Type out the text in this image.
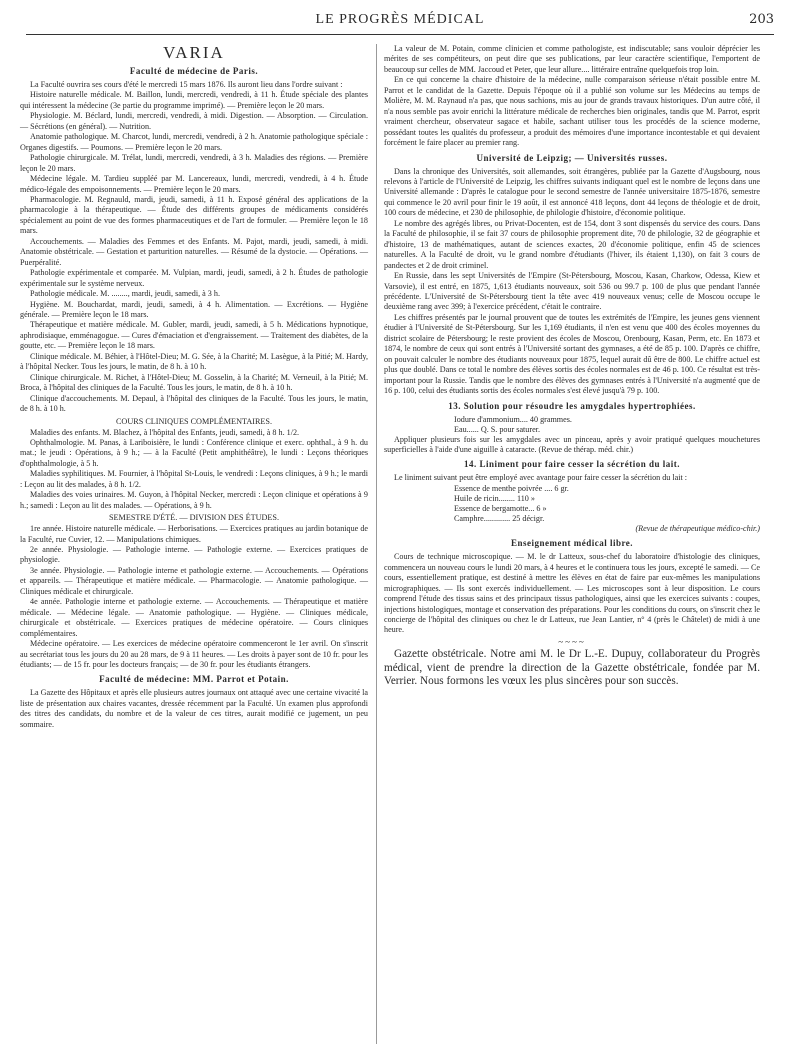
LE PROGRÈS MÉDICAL	203
VARIA
Faculté de médecine de Paris.

La Faculté ouvrira ses cours d'été le mercredi 15 mars 1876. Ils auront lieu dans l'ordre suivant :

Histoire naturelle médicale. M. Baillon, lundi, mercredi, vendredi, à 11 h. Étude spéciale des plantes qui intéressent la médecine (3e partie du programme imprimé). — Première leçon le 20 mars.

Physiologie. M. Béclard, lundi, mercredi, vendredi, à midi. Digestion. — Absorption. — Circulation. — Sécrétions (en général). — Nutrition.

Anatomie pathologique. M. Charcot, lundi, mercredi, vendredi, à 2 h. Anatomie pathologique spéciale : Organes digestifs. — Poumons. — Première leçon le 20 mars.

Pathologie chirurgicale. M. Trélat, lundi, mercredi, vendredi, à 3 h. Maladies des régions. — Première leçon le 20 mars.

Médecine légale. M. Tardieu suppléé par M. Lancereaux, lundi, mercredi, vendredi, à 4 h. Étude médico-légale des empoisonnements. — Première leçon le 20 mars.

Pharmacologie. M. Regnauld, mardi, jeudi, samedi, à 11 h. Exposé général des applications de la pharmacologie à la thérapeutique. — Étude des différents groupes de médicaments considérés spécialement au point de vue des formes pharmaceutiques et de l'art de formuler. — Première leçon le 18 mars.

Accouchements. — Maladies des Femmes et des Enfants. M. Pajot, mardi, jeudi, samedi, à midi. Anatomie obstétricale. — Gestation et parturition naturelles. — Résumé de la dystocie. — Opérations. — Puerpéralité.

Pathologie expérimentale et comparée. M. Vulpian, mardi, jeudi, samedi, à 2 h. Études de pathologie expérimentale sur le système nerveux.

Pathologie médicale. M. ........, mardi, jeudi, samedi, à 3 h.

Hygiène. M. Bouchardat, mardi, jeudi, samedi, à 4 h. Alimentation. — Excrétions. — Hygiène générale. — Première leçon le 18 mars.

Thérapeutique et matière médicale. M. Gubler, mardi, jeudi, samedi, à 5 h. Médications hypnotique, aphrodisiaque, emménagogue. — Cures d'émaciation et d'engraissement. — Traitement des diabètes, de la goutte, etc. — Première leçon le 18 mars.

Clinique médicale. M. Béhier, à l'Hôtel-Dieu; M. G. Sée, à la Charité; M. Lasègue, à la Pitié; M. Hardy, à l'hôpital Necker. Tous les jours, le matin, de 8 h. à 10 h.

Clinique chirurgicale. M. Richet, à l'Hôtel-Dieu; M. Gosselin, à la Charité; M. Verneuil, à la Pitié; M. Broca, à l'hôpital des cliniques de la Faculté. Tous les jours, le matin, de 8 h. à 10 h.

Clinique d'accouchements. M. Depaul, à l'hôpital des cliniques de la Faculté. Tous les jours, le matin, de 8 h. à 10 h.

COURS CLINIQUES COMPLÉMENTAIRES.

Maladies des enfants. M. Blachez, à l'hôpital des Enfants, jeudi, samedi, à 8 h. 1/2.

Ophthalmologie. M. Panas, à Lariboisière, le lundi : Conférence clinique et exerc. ophthal., à 9 h. du mat.; le jeudi : Opérations, à 9 h.; — à la Faculté (Petit amphithéâtre), le lundi : Leçons théoriques d'ophthalmologie, à 5 h.

Maladies syphilitiques. M. Fournier, à l'hôpital St-Louis, le vendredi : Leçons cliniques, à 9 h.; le mardi : Leçon au lit des malades, à 8 h. 1/2.

Maladies des voies urinaires. M. Guyon, à l'hôpital Necker, mercredi : Leçon clinique et opérations à 9 h.; samedi : Leçon au lit des malades. — Opérations, à 9 h.

SEMESTRE D'ÉTÉ. — DIVISION DES ÉTUDES.

1re année. Histoire naturelle médicale. — Herborisations. — Exercices pratiques au jardin botanique de la Faculté, rue Cuvier, 12. — Manipulations chimiques.

2e année. Physiologie. — Pathologie interne. — Pathologie externe. — Exercices pratiques de physiologie.

3e année. Physiologie. — Pathologie interne et pathologie externe. — Accouchements. — Opérations et appareils. — Thérapeutique et matière médicale. — Pharmacologie. — Anatomie pathologique. — Cliniques médicale et chirurgicale.

4e année. Pathologie interne et pathologie externe. — Accouchements. — Thérapeutique et matière médicale. — Médecine légale. — Anatomie pathologique. — Hygiène. — Cliniques médicale, chirurgicale et obstétricale. — Exercices pratiques de médecine opératoire. — Cours cliniques complémentaires.

Médecine opératoire. — Les exercices de médecine opératoire commenceront le 1er avril. On s'inscrit au secrétariat tous les jours du 20 au 28 mars, de 9 à 11 heures. — Les droits à payer sont de 10 fr. pour les étudiants; — de 15 fr. pour les docteurs français; — de 30 fr. pour les étudiants étrangers.

Faculté de médecine: MM. Parrot et Potain.

La Gazette des Hôpitaux et après elle plusieurs autres journaux ont attaqué avec une certaine vivacité la liste de présentation aux chaires vacantes, dressée récemment par la Faculté. Un examen plus approfondi des titres des candidats, du nombre et de la valeur de ces titres, aurait modifié ce jugement, un peu sommaire.

La valeur de M. Potain, comme clinicien et comme pathologiste, est indiscutable; sans vouloir déprécier les mérites de ses compétiteurs, on peut dire que ses publications, par leur caractère scientifique, l'emportent de beaucoup sur celles de MM. Jaccoud et Peter, que leur allure.... littéraire entraîne quelquefois trop loin.

En ce qui concerne la chaire d'histoire de la médecine, nulle comparaison sérieuse n'était possible entre M. Parrot et le candidat de la Gazette. Depuis l'époque où il a publié son volume sur les Médecins au temps de Molière, M. M. Raynaud n'a pas, que nous sachions, mis au jour de grands travaux historiques. D'un autre côté, il n'a nous semble pas avoir enrichi la littérature médicale de recherches bien originales, tandis que M. Parrot, esprit vraiment chercheur, observateur sagace et habile, sachant utiliser tous les procédés de la science moderne, possédant toutes les qualités du professeur, a produit des mémoires d'une importance incontestable et qui devaient forcément le faire placer au premier rang.

Université de Leipzig; — Universités russes.

Dans la chronique des Universités, soit allemandes, soit étrangères, publiée par la Gazette d'Augsbourg, nous relevons à l'article de l'Université de Leipzig, les chiffres suivants indiquant quel est le nombre de leçons dans une Université allemande : D'après le catalogue pour le second semestre de l'année universitaire 1875-1876, semestre qui commence le 20 avril pour finir le 19 août, il est annoncé 418 leçons, dont 44 leçons de théologie et de droit, 100 cours de médecine, et 230 de philosophie, de philologie d'histoire, d'économie politique.

Le nombre des agrégés libres, ou Privat-Docenten, est de 154, dont 3 sont dispensés du service des cours. Dans la Faculté de philosophie, il se fait 37 cours de philosophie proprement dite, 70 de philologie, 32 de géographie et d'histoire, 13 de mathématiques, autant de sciences exactes, 20 d'économie politique, enfin 45 de sciences naturelles. A la Faculté de droit, vu le grand nombre d'étudiants (l'hiver, ils étaient 1,130), on fait 3 cours de pandectes et 2 de droit criminel.

En Russie, dans les sept Universités de l'Empire (St-Pétersbourg, Moscou, Kasan, Charkow, Odessa, Kiew et Varsovie), il est entré, en 1875, 1,613 étudiants nouveaux, soit 536 ou 99.7 p. 100 de plus que pendant l'année précédente. L'Université de St-Pétersbourg tient la tête avec 419 nouveaux venus; celle de Moscou occupe le deuxième rang avec 399; à l'exercice précédent, c'était le contraire.

Les chiffres présentés par le journal prouvent que de toutes les extrémités de l'Empire, les jeunes gens viennent étudier à l'Université de St-Pétersbourg. Sur les 1,169 étudiants, il n'en est venu que 400 des écoles moyennes du district scolaire de Pétersbourg; le reste provient des écoles de Moscou, Orenbourg, Kasan, Perm, etc. En 1873 et 1874, le nombre de ceux qui sont entrés à l'Université sortant des gymnases, a été de 85 p. 100. D'après ce chiffre, on pouvait calculer le nombre des étudiants nouveaux pour 1875, lequel aurait dû être de 800. Le chiffre actuel est plus que doublé. Dans ce total le nombre des élèves sortis des écoles normales est de 46 p. 100. Ce résultat est très-important pour la Russie. Tandis que le nombre des élèves des gymnases entrés à l'Université n'a augmenté que de 16 p. 100, celui des étudiants sortis des écoles normales s'est élevé jusqu'à 79 p. 100.

13. Solution pour résoudre les amygdales hypertrophiées.
Iodure d'ammonium.... 40 grammes.
Eau...... Q. S. pour saturer.

Appliquer plusieurs fois sur les amygdales avec un pinceau, après y avoir pratiqué quelques mouchetures superficielles à l'aide d'une aiguille à cataracte. (Revue de thérap. méd. chir.)

14. Liniment pour faire cesser la sécrétion du lait.

Le liniment suivant peut être employé avec avantage pour faire cesser la sécrétion du lait :

Essence de menthe poivrée .... 6 gr.
Huile de ricin........ 110 »
Essence de bergamotte... 6 »
Camphre............. 25 décigr.
(Revue de thérapeutique médico-chir.)
Enseignement médical libre.

Cours de technique microscopique. — M. le dr Latteux, sous-chef du laboratoire d'histologie des cliniques, commencera un nouveau cours le lundi 20 mars, à 4 heures et le continuera tous les jours, excepté le samedi. — Ce cours, essentiellement pratique, est destiné à mettre les élèves en état de faire par eux-mêmes les manipulations micrographiques. — Ils sont exercés individuellement. — Les microscopes sont à leur disposition. Le cours comprend l'étude des tissus sains et des principaux tissus pathologiques, ainsi que les exercices suivants : coupes, injections histologiques, montage et conservation des préparations. Pour les conditions du cours, on s'inscrit chez le concierge de l'hôpital des cliniques ou chez le dr Latteux, rue Jean Lantier, n° 4 (près le Châtelet) de midi à une heure.

~~~~

Gazette obstétricale. Notre ami M. le Dr L.-E. Dupuy, collaborateur du Progrès médical, vient de prendre la direction de la Gazette obstétricale, fondée par M. Verrier. Nous formons les vœux les plus sincères pour son succès.
